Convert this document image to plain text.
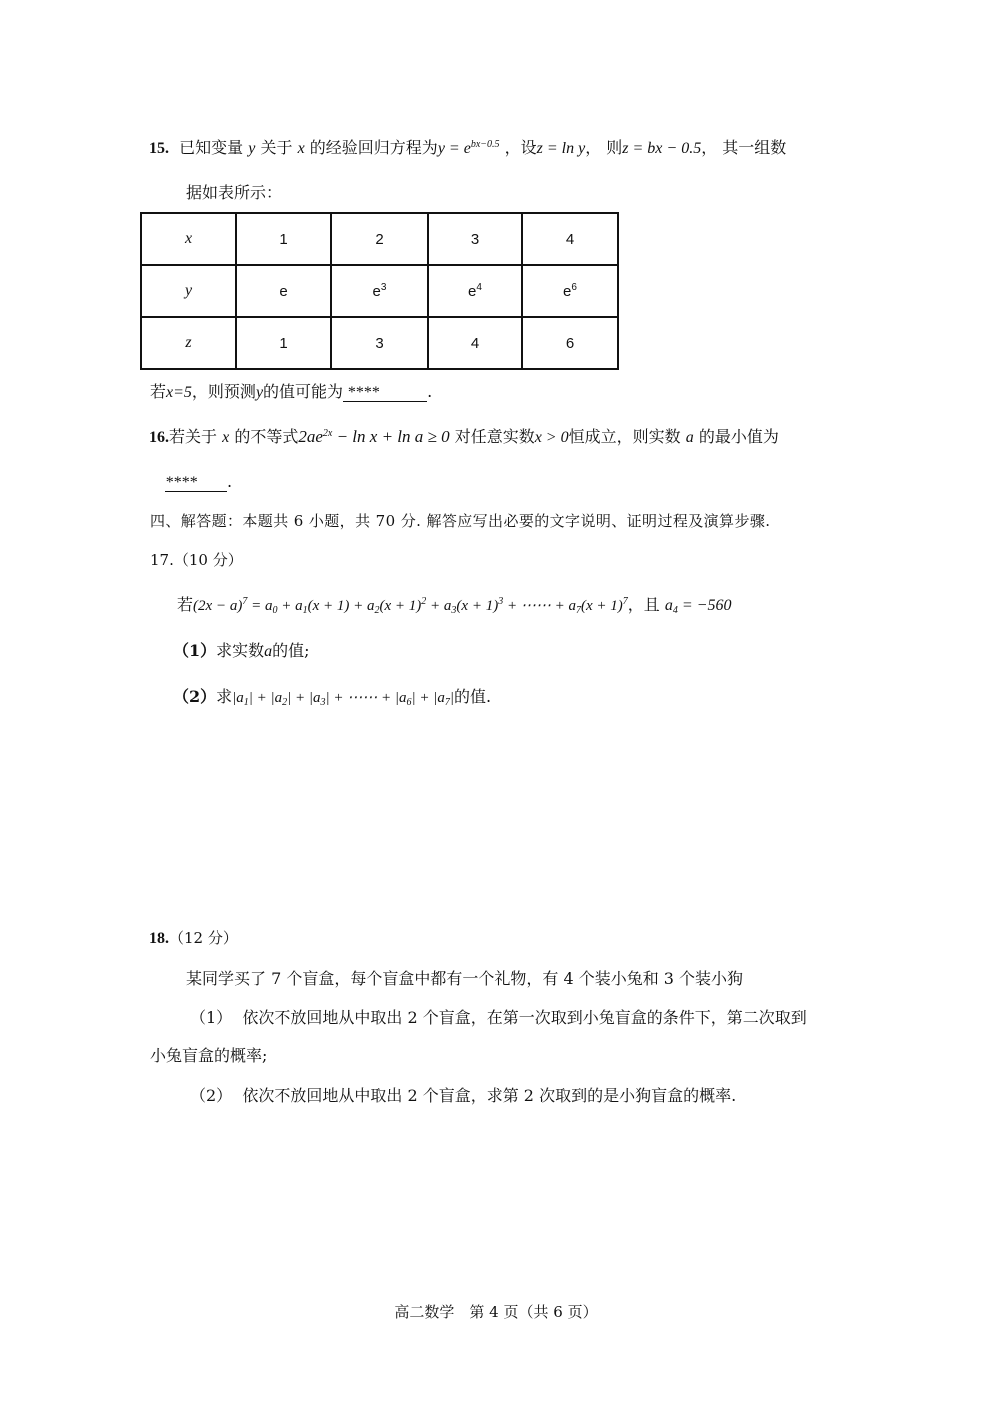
15. 已知变量 y 关于 x 的经验回归方程为$y = e^{bx-0.5}$ ，设z = ln y， 则z = bx − 0.5， 其一组数
据如表所示：
x	1	2	3	4
y	e	$e^3$	$e^4$	$e^6$
z	1	3	4	6
若x=5，则预测y的值可能为 ****	.
16.若关于 x 的不等式$2ae^{2x} - \ln x + \ln a \ge 0$ 对任意实数x > 0恒成立，则实数 a 的最小值为
**** .
四、解答题：本题共 6 小题，共 70 分. 解答应写出必要的文字说明、证明过程及演算步骤.
17.（10 分）
若$(2x - a)^7 = a_0 + a_1(x + 1) + a_2(x + 1)^2 + a_3(x + 1)^3$ + ⋯⋯ + $a_7(x + 1)^7$，且 $a_4 = -560$
（1）求实数a的值;
（2）求$|a_1| + |a_2| + |a_3|$ + ⋯⋯ + $|a_6| + |a_7|$的值.
18.（12 分）
某同学买了 7 个盲盒，每个盲盒中都有一个礼物，有 4 个装小兔和 3 个装小狗
（1） 依次不放回地从中取出 2 个盲盒，在第一次取到小兔盲盒的条件下，第二次取到
小兔盲盒的概率;
（2） 依次不放回地从中取出 2 个盲盒，求第 2 次取到的是小狗盲盒的概率.
高二数学　第 4 页（共 6 页）
